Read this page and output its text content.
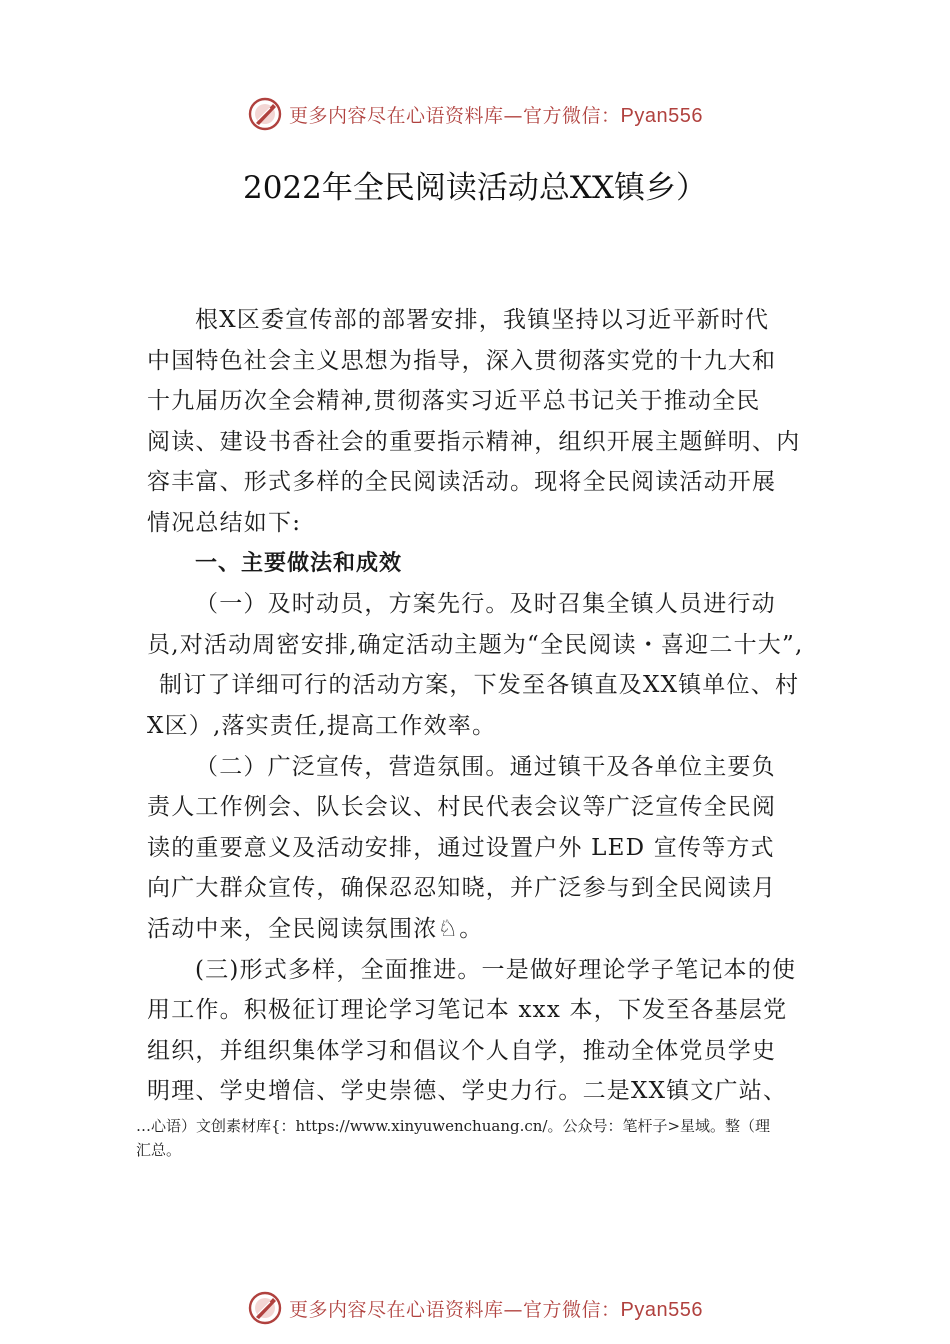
更多内容尽在心语资料库—官方微信：Pyan556
2022年全民阅读活动总XX镇乡）
根X区委宣传部的部署安排，我镇坚持以习近平新时代
中国特色社会主义思想为指导，深入贯彻落实党的十九大和
十九届历次全会精神,贯彻落实习近平总书记关于推动全民
阅读、建设书香社会的重要指示精神，组织开展主题鲜明、内
容丰富、形式多样的全民阅读活动。现将全民阅读活动开展
情况总结如下:
一、主要做法和成效
（一）及时动员，方案先行。及时召集全镇人员进行动
员,对活动周密安排,确定活动主题为“全民阅读・喜迎二十大”,
制订了详细可行的活动方案，下发至各镇直及XX镇单位、村
X区）,落实责任,提高工作效率。
（二）广泛宣传，营造氛围。通过镇干及各单位主要负
责人工作例会、队长会议、村民代表会议等广泛宣传全民阅
读的重要意义及活动安排，通过设置户外 LED 宣传等方式
向广大群众宣传，确保忍忍知晓，并广泛参与到全民阅读月
活动中来，全民阅读氛围浓♘。
(三)形式多样，全面推进。一是做好理论学子笔记本的使
用工作。积极征订理论学习笔记本 xxx 本，下发至各基层党
组织，并组织集体学习和倡议个人自学，推动全体党员学史
明理、学史增信、学史崇德、学史力行。二是XX镇文广站、
…心语）文创素材库{：https://www.xinyuwenchuang.cn/。公众号：笔杆子>星域。整（理
汇总。
更多内容尽在心语资料库—官方微信：Pyan556
